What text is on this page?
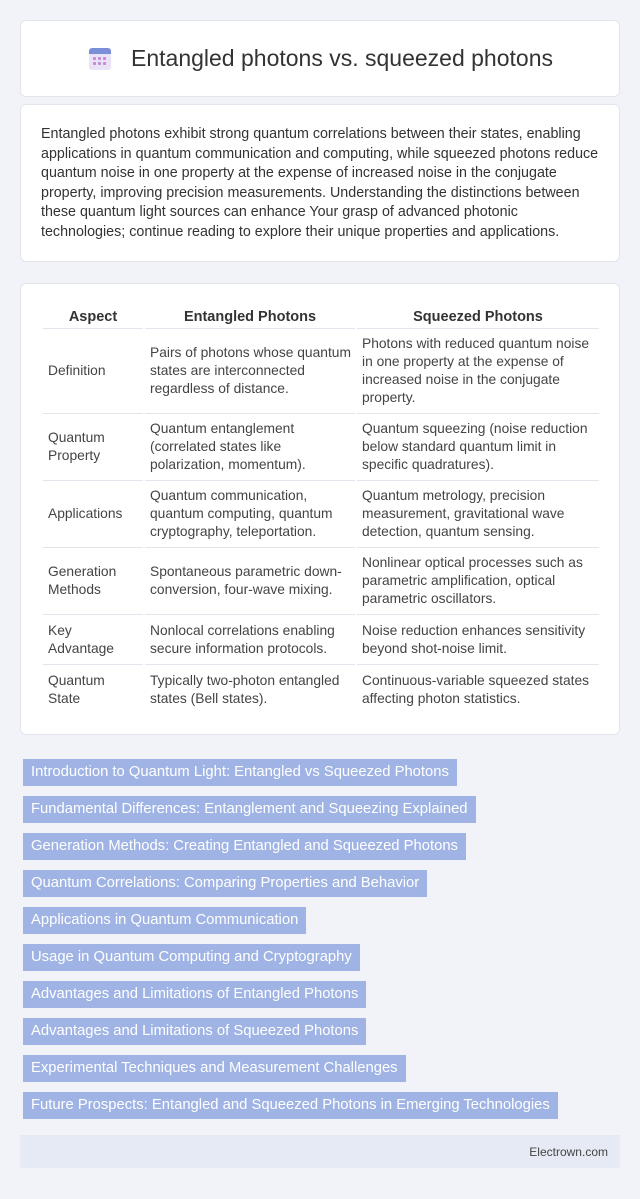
Entangled photons vs. squeezed photons

Entangled photons exhibit strong quantum correlations between their states, enabling applications in quantum communication and computing, while squeezed photons reduce quantum noise in one property at the expense of increased noise in the conjugate property, improving precision measurements. Understanding the distinctions between these quantum light sources can enhance Your grasp of advanced photonic technologies; continue reading to explore their unique properties and applications.

Aspect	Entangled Photons	Squeezed Photons
Definition	Pairs of photons whose quantum states are interconnected regardless of distance.	Photons with reduced quantum noise in one property at the expense of increased noise in the conjugate property.
Quantum Property	Quantum entanglement (correlated states like polarization, momentum).	Quantum squeezing (noise reduction below standard quantum limit in specific quadratures).
Applications	Quantum communication, quantum computing, quantum cryptography, teleportation.	Quantum metrology, precision measurement, gravitational wave detection, quantum sensing.
Generation Methods	Spontaneous parametric down-conversion, four-wave mixing.	Nonlinear optical processes such as parametric amplification, optical parametric oscillators.
Key Advantage	Nonlocal correlations enabling secure information protocols.	Noise reduction enhances sensitivity beyond shot-noise limit.
Quantum State	Typically two-photon entangled states (Bell states).	Continuous-variable squeezed states affecting photon statistics.
Introduction to Quantum Light: Entangled vs Squeezed Photons
Fundamental Differences: Entanglement and Squeezing Explained
Generation Methods: Creating Entangled and Squeezed Photons
Quantum Correlations: Comparing Properties and Behavior
Applications in Quantum Communication
Usage in Quantum Computing and Cryptography
Advantages and Limitations of Entangled Photons
Advantages and Limitations of Squeezed Photons
Experimental Techniques and Measurement Challenges
Future Prospects: Entangled and Squeezed Photons in Emerging Technologies
Electrown.com
